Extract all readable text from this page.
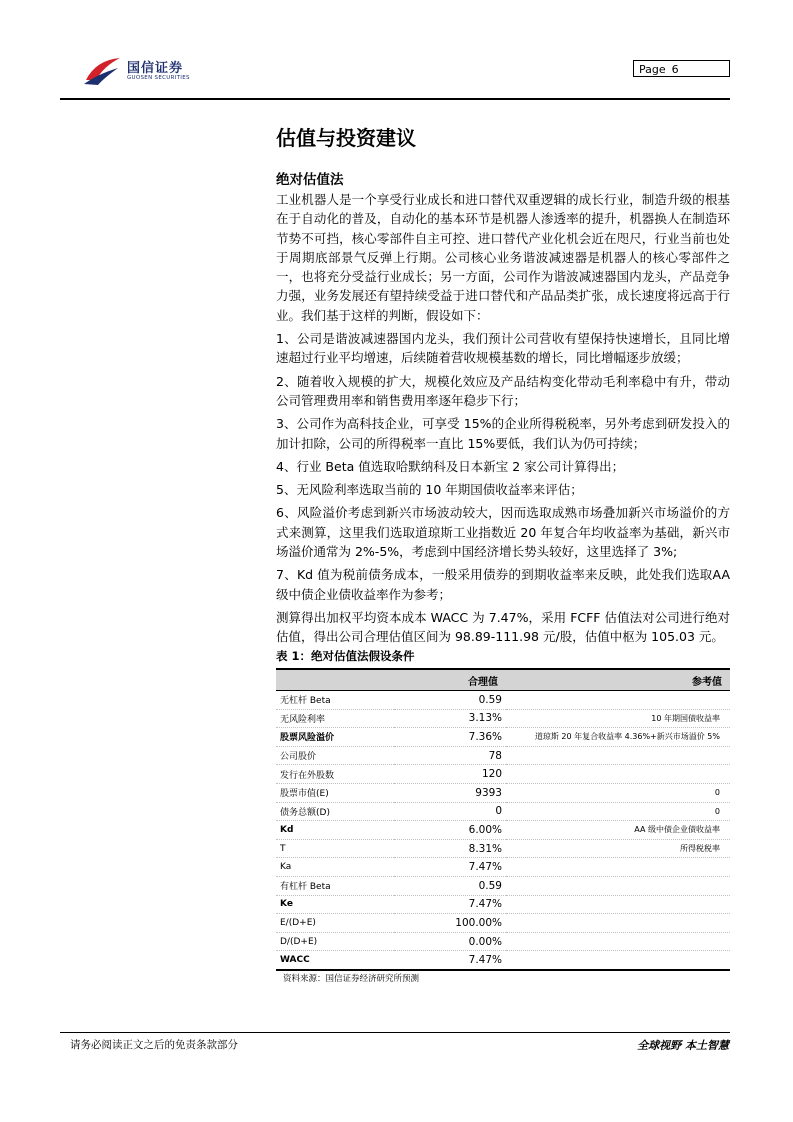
国信证券
GUOSEN SECURITIES
Page 6
估值与投资建议
绝对估值法

工业机器人是一个享受行业成长和进口替代双重逻辑的成长行业，制造升级的根基在于自动化的普及，自动化的基本环节是机器人渗透率的提升，机器换人在制造环节势不可挡，核心零部件自主可控、进口替代产业化机会近在咫尺，行业当前也处于周期底部景气反弹上行期。公司核心业务谐波减速器是机器人的核心零部件之一，也将充分受益行业成长；另一方面，公司作为谐波减速器国内龙头，产品竞争力强，业务发展还有望持续受益于进口替代和产品品类扩张，成长速度将远高于行业。我们基于这样的判断，假设如下：

1、公司是谐波减速器国内龙头，我们预计公司营收有望保持快速增长，且同比增速超过行业平均增速，后续随着营收规模基数的增长，同比增幅逐步放缓；

2、随着收入规模的扩大，规模化效应及产品结构变化带动毛利率稳中有升，带动公司管理费用率和销售费用率逐年稳步下行；

3、公司作为高科技企业，可享受 15%的企业所得税税率，另外考虑到研发投入的加计扣除，公司的所得税率一直比 15%要低，我们认为仍可持续；

4、行业 Beta 值选取哈默纳科及日本新宝 2 家公司计算得出；

5、无风险利率选取当前的 10 年期国债收益率来评估；

6、风险溢价考虑到新兴市场波动较大，因而选取成熟市场叠加新兴市场溢价的方式来测算，这里我们选取道琼斯工业指数近 20 年复合年均收益率为基础，新兴市场溢价通常为 2%-5%，考虑到中国经济增长势头较好，这里选择了 3%;

7、Kd 值为税前债务成本，一般采用债券的到期收益率来反映，此处我们选取AA 级中债企业债收益率作为参考；

测算得出加权平均资本成本 WACC 为 7.47%，采用 FCFF 估值法对公司进行绝对估值，得出公司合理估值区间为 98.89-111.98 元/股，估值中枢为 105.03 元。

表 1：绝对估值法假设条件
	合理值	参考值
无杠杆 Beta	0.59	
无风险利率	3.13%	10 年期国债收益率
股票风险溢价	7.36%	道琼斯 20 年复合收益率 4.36%+新兴市场溢价 5%
公司股价	78	
发行在外股数	120	
股票市值(E)	9393	0
债务总额(D)	0	0
Kd	6.00%	AA 级中债企业债收益率
T	8.31%	所得税税率
Ka	7.47%	
有杠杆 Beta	0.59	
Ke	7.47%	
E/(D+E)	100.00%	
D/(D+E)	0.00%	
WACC	7.47%	
资料来源：国信证券经济研究所预测
请务必阅读正文之后的免责条款部分	全球视野 本土智慧
